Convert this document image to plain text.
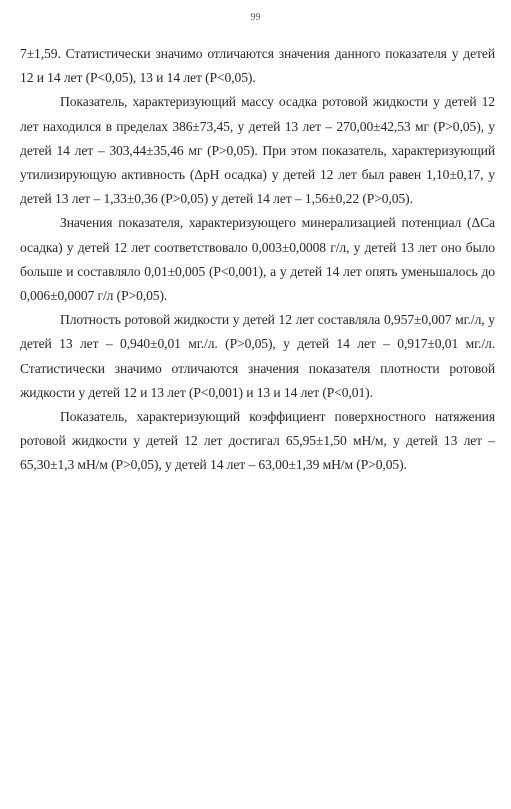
99

7±1,59. Статистически значимо отличаются значения данного показателя у детей 12 и 14 лет (P<0,05), 13 и 14 лет (P<0,05).

Показатель, характеризующий массу осадка ротовой жидкости у детей 12 лет находился в пределах 386±73,45, у детей 13 лет – 270,00±42,53 мг (P>0,05), у детей 14 лет – 303,44±35,46 мг (P>0,05). При этом показатель, характеризующий утилизирующую активность (ΔpH осадка) у детей 12 лет был равен 1,10±0,17, у детей 13 лет – 1,33±0,36 (P>0,05) у детей 14 лет – 1,56±0,22 (P>0,05).

Значения показателя, характеризующего минерализацией потенциал (ΔCa осадка) у детей 12 лет соответствовало 0,003±0,0008 г/л, у детей 13 лет оно было больше и составляло 0,01±0,005 (P<0,001), а у детей 14 лет опять уменьшалось до 0,006±0,0007 г/л (P>0,05).

Плотность ротовой жидкости у детей 12 лет составляла 0,957±0,007 мг./л, у детей 13 лет – 0,940±0,01 мг./л. (P>0,05), у детей 14 лет – 0,917±0,01 мг./л. Статистически значимо отличаются значения показателя плотности ротовой жидкости у детей 12 и 13 лет (P<0,001) и 13 и 14 лет (P<0,01).

Показатель, характеризующий коэффициент поверхностного натяжения ротовой жидкости у детей 12 лет достигал 65,95±1,50 мН/м, у детей 13 лет – 65,30±1,3 мН/м (P>0,05), у детей 14 лет – 63,00±1,39 мН/м (P>0,05).
